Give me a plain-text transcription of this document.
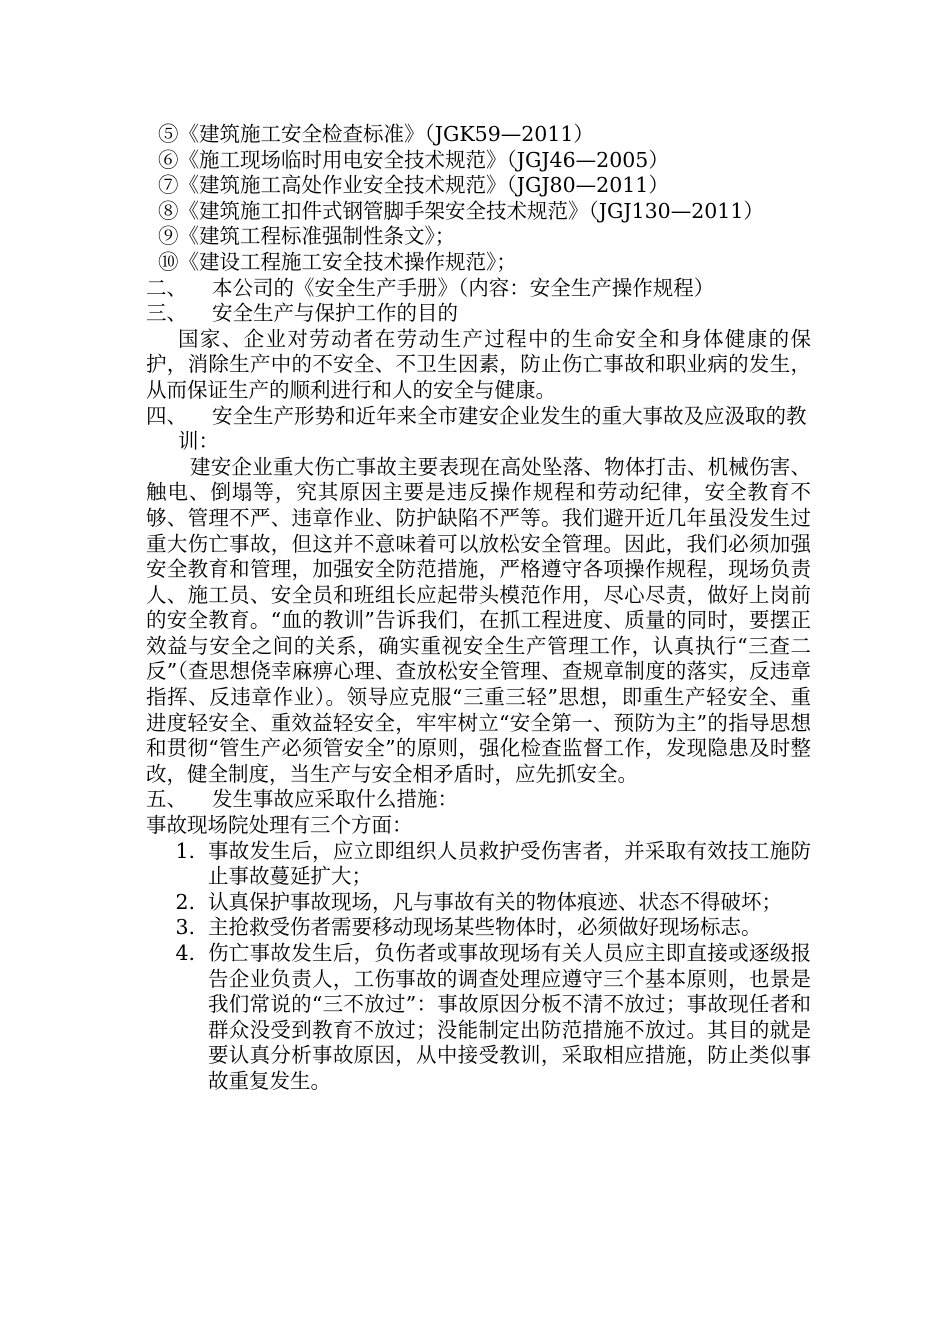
⑤《建筑施工安全检查标准》（JGK59—2011）
⑥《施工现场临时用电安全技术规范》（JGJ46—2005）
⑦《建筑施工高处作业安全技术规范》（JGJ80—2011）
⑧《建筑施工扣件式钢管脚手架安全技术规范》（JGJ130—2011）
⑨《建筑工程标准强制性条文》；
⑩《建设工程施工安全技术操作规范》；
二、	本公司的《安全生产手册》（内容：安全生产操作规程）
三、	安全生产与保护工作的目的
国家、企业对劳动者在劳动生产过程中的生命安全和身体健康的保护，消除生产中的不安全、不卫生因素，防止伤亡事故和职业病的发生，从而保证生产的顺利进行和人的安全与健康。
四、 安全生产形势和近年来全市建安企业发生的重大事故及应汲取的教训：
建安企业重大伤亡事故主要表现在高处坠落、物体打击、机械伤害、触电、倒塌等，究其原因主要是违反操作规程和劳动纪律，安全教育不够、管理不严、违章作业、防护缺陷不严等。我们避开近几年虽没发生过重大伤亡事故，但这并不意味着可以放松安全管理。因此，我们必须加强安全教育和管理，加强安全防范措施，严格遵守各项操作规程，现场负责人、施工员、安全员和班组长应起带头模范作用，尽心尽责，做好上岗前的安全教育。“血的教训”告诉我们，在抓工程进度、质量的同时，要摆正效益与安全之间的关系，确实重视安全生产管理工作，认真执行“三查二反”（查思想侥幸麻痹心理、查放松安全管理、查规章制度的落实，反违章指挥、反违章作业）。领导应克服“三重三轻”思想，即重生产轻安全、重进度轻安全、重效益轻安全，牢牢树立“安全第一、预防为主”的指导思想和贯彻“管生产必须管安全”的原则，强化检查监督工作，发现隐患及时整改，健全制度，当生产与安全相矛盾时，应先抓安全。
五、	发生事故应采取什么措施：
事故现场院处理有三个方面：
1. 事故发生后，应立即组织人员救护受伤害者，并采取有效技工施防止事故蔓延扩大；
2. 认真保护事故现场，凡与事故有关的物体痕迹、状态不得破坏；
3. 主抢救受伤者需要移动现场某些物体时，必须做好现场标志。
4. 伤亡事故发生后，负伤者或事故现场有关人员应主即直接或逐级报告企业负责人，工伤事故的调查处理应遵守三个基本原则，也景是我们常说的“三不放过”：事故原因分板不清不放过；事故现任者和群众没受到教育不放过；没能制定出防范措施不放过。其目的就是要认真分析事故原因，从中接受教训，采取相应措施，防止类似事故重复发生。
